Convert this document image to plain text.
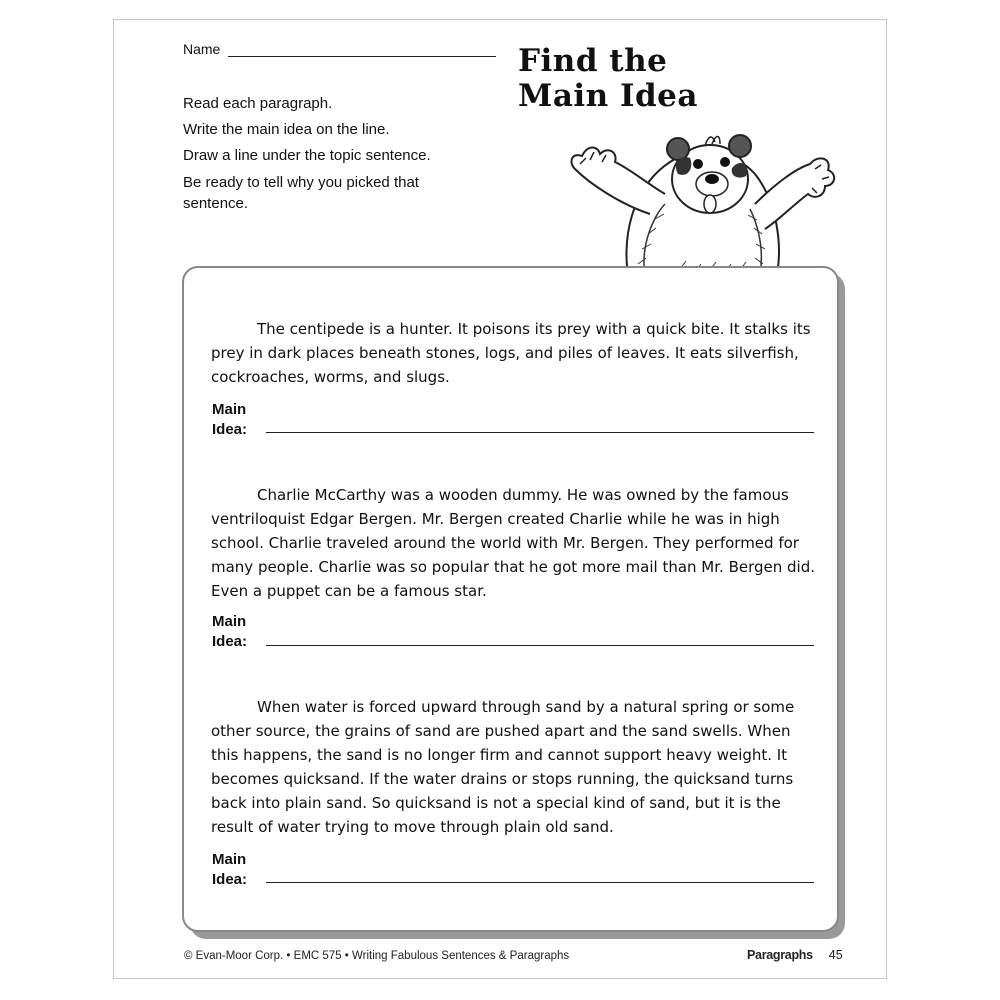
Name	Find the
Main Idea
Read each paragraph.
Write the main idea on the line.
Draw a line under the topic sentence.
Be ready to tell why you picked that sentence.
The centipede is a hunter. It poisons its prey with a quick bite. It stalks its prey in dark places beneath stones, logs, and piles of leaves. It eats silverfish, cockroaches, worms, and slugs.
Main
Idea:
Charlie McCarthy was a wooden dummy. He was owned by the famous ventriloquist Edgar Bergen. Mr. Bergen created Charlie while he was in high school. Charlie traveled around the world with Mr. Bergen. They performed for many people. Charlie was so popular that he got more mail than Mr. Bergen did. Even a puppet can be a famous star.
Main
Idea:
When water is forced upward through sand by a natural spring or some other source, the grains of sand are pushed apart and the sand swells. When this happens, the sand is no longer firm and cannot support heavy weight. It becomes quicksand. If the water drains or stops running, the quicksand turns back into plain sand. So quicksand is not a special kind of sand, but it is the result of water trying to move through plain old sand.
Main
Idea:
© Evan-Moor Corp. • EMC 575 • Writing Fabulous Sentences & Paragraphs	Paragraphs 45
